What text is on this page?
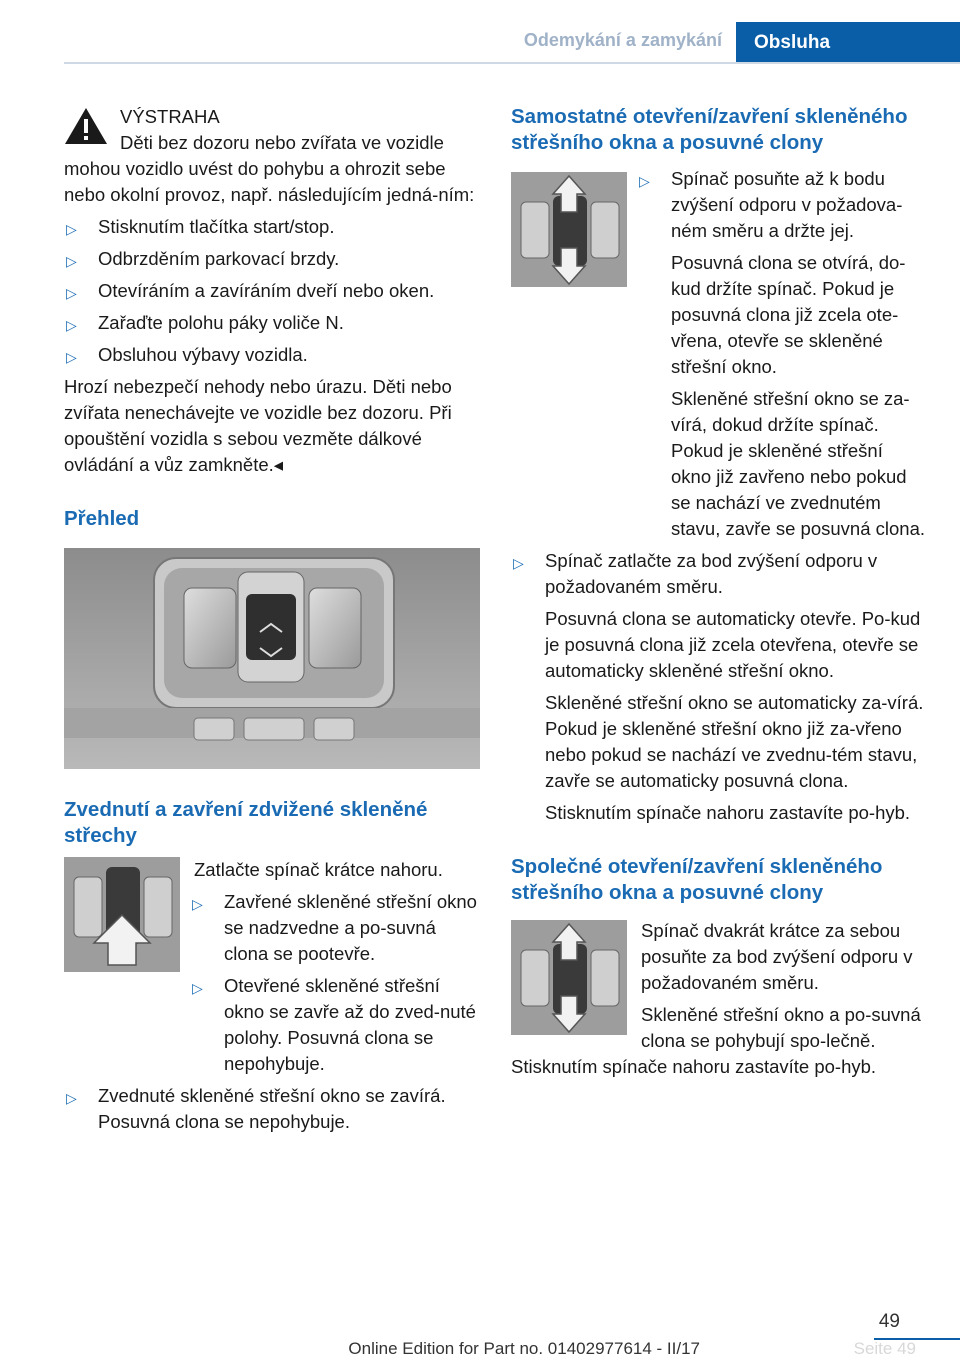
Odemykání a zamykání	Obsluha
VÝSTRAHA

Děti bez dozoru nebo zvířata ve vozidle mohou vozidlo uvést do pohybu a ohrozit sebe nebo okolní provoz, např. následujícím jedná-ním:

▷ Stisknutím tlačítka start/stop.
▷ Odbrzděním parkovací brzdy.
▷ Otevíráním a zavíráním dveří nebo oken.
▷ Zařaďte polohu páky voliče N.
▷ Obsluhou výbavy vozidla.

Hrozí nebezpečí nehody nebo úrazu. Děti nebo zvířata nenechávejte ve vozidle bez dozoru. Při opouštění vozidla s sebou vezměte dálkové ovládání a vůz zamkněte.◂

Přehled
Zvednutí a zavření zdvižené skleněné střechy

Zatlačte spínač krátce nahoru.

▷ Zavřené skleněné střešní okno se nadzvedne a po-suvná clona se pootevře.
▷ Otevřené skleněné střešní okno se zavře až do zved-nuté polohy. Posuvná clona se nepohybuje.
▷ Zvednuté skleněné střešní okno se zavírá. Posuvná clona se nepohybuje.
Samostatné otevření/zavření skleněného střešního okna a posuvné clony
▷ Spínač posuňte až k bodu zvýšení odporu v požadova-ném směru a držte jej.

Posuvná clona se otvírá, do-kud držíte spínač. Pokud je posuvná clona již zcela ote-vřena, otevře se skleněné střešní okno.

Skleněné střešní okno se za-vírá, dokud držíte spínač. Pokud je skleněné střešní okno již zavřeno nebo pokud se nachází ve zvednutém stavu, zavře se posuvná clona.

▷ Spínač zatlačte za bod zvýšení odporu v požadovaném směru.

Posuvná clona se automaticky otevře. Po-kud je posuvná clona již zcela otevřena, otevře se automaticky skleněné střešní okno.

Skleněné střešní okno se automaticky za-vírá. Pokud je skleněné střešní okno již za-vřeno nebo pokud se nachází ve zvednu-tém stavu, zavře se automaticky posuvná clona.

Stisknutím spínače nahoru zastavíte po-hyb.

Společné otevření/zavření skleněného střešního okna a posuvné clony

Spínač dvakrát krátce za sebou posuňte za bod zvýšení odporu v požadovaném směru.

Skleněné střešní okno a po-suvná clona se pohybují spo-lečně. Stisknutím spínače nahoru zastavíte po-hyb.

49
Online Edition for Part no. 01402977614 - II/17	Seite 49
